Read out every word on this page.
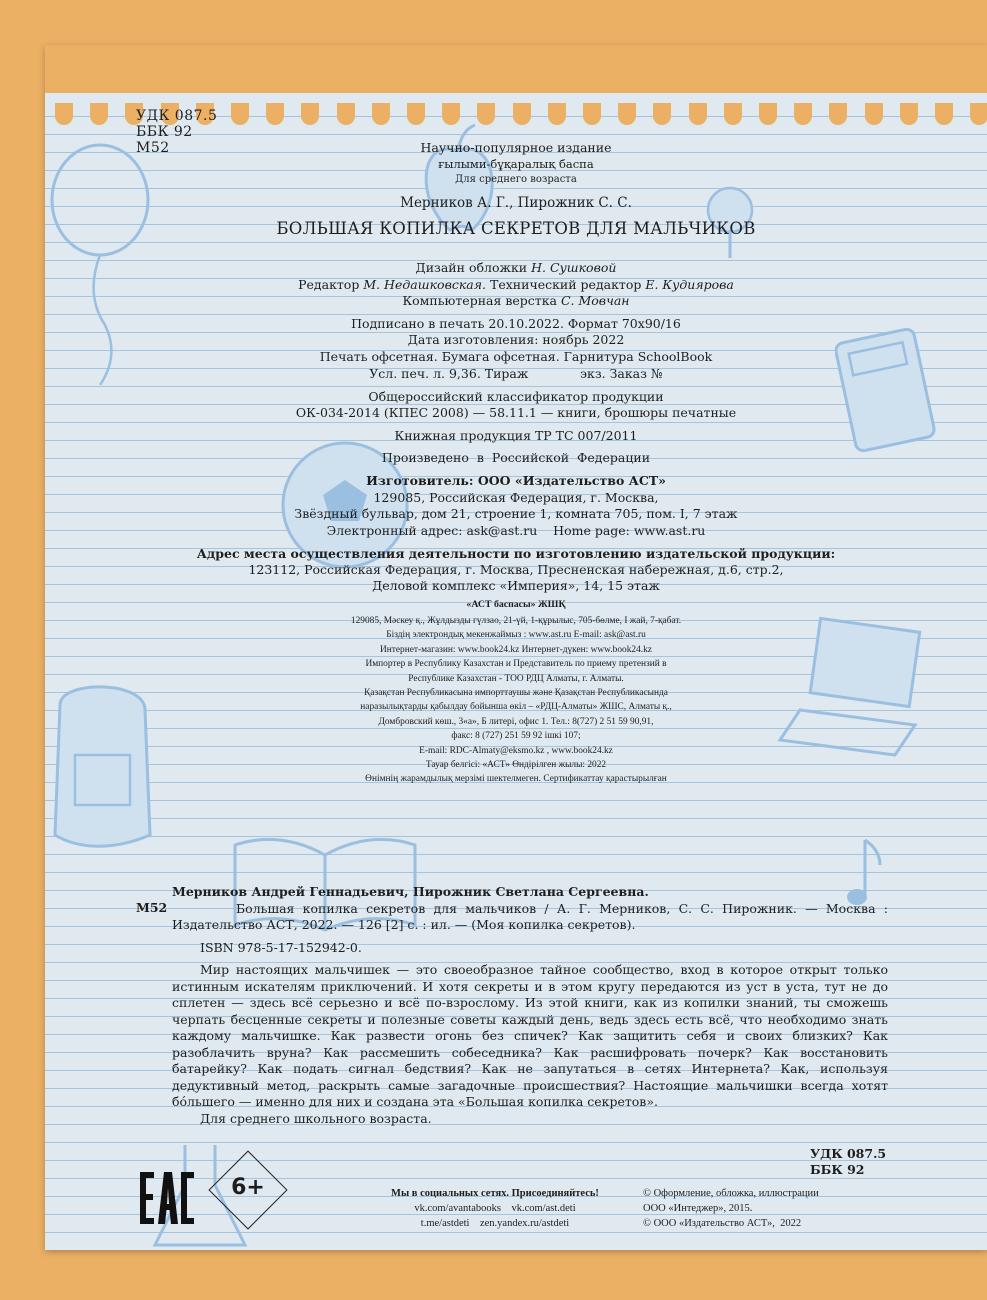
УДК 087.5
ББК 92
М52	Научно-популярное издание
ғылыми-бұқаралық баспа
Для среднего возраста
Мерников А. Г., Пирожник С. С.
БОЛЬШАЯ КОПИЛКА СЕКРЕТОВ ДЛЯ МАЛЬЧИКОВ
Дизайн обложки Н. Сушковой
Редактор М. Недашковская. Технический редактор Е. Кудиярова
Компьютерная верстка С. Мовчан
Подписано в печать 20.10.2022. Формат 70x90/16
Дата изготовления: ноябрь 2022
Печать офсетная. Бумага офсетная. Гарнитура SchoolBook
Усл. печ. л. 9,36. Тираж             экз. Заказ №
Общероссийский классификатор продукции
ОК-034-2014 (КПЕС 2008) — 58.11.1 — книги, брошюры печатные
Книжная продукция ТР ТС 007/2011
Произведено  в  Российской  Федерации
Изготовитель: ООО «Издательство АСТ»
129085, Российская Федерация, г. Москва,
Звёздный бульвар, дом 21, строение 1, комната 705, пом. I, 7 этаж
Электронный адрес: ask@ast.ru    Home page: www.ast.ru
Адрес места осуществления деятельности по изготовлению издательской продукции:
123112, Российская Федерация, г. Москва, Пресненская набережная, д.6, стр.2,
Деловой комплекс «Империя», 14, 15 этаж
«АСТ баспасы» ЖШҚ
129085, Мәскеу қ., Жұлдызды гүлзао, 21-үй, 1-құрылыс, 705-бөлме, I жай, 7-қабат.
Біздің электрондық мекенжаймыз : www.ast.ru E-mail: ask@ast.ru
Интернет-магазин: www.book24.kz Интернет-дүкен: www.book24.kz
Импортер в Республику Казахстан и Представитель по приему претензий в
Республике Казахстан - ТОО РДЦ Алматы, г. Алматы.
Қазақстан Республикасына импорттаушы және Қазақстан Республикасында
наразылықтарды қабылдау бойынша өкіл – «РДЦ-Алматы» ЖШС, Алматы қ.,
Домбровский көш., 3«а», Б литері, офис 1. Тел.: 8(727) 2 51 59 90,91,
факс: 8 (727) 251 59 92 ішкі 107;
E-mail: RDC-Almaty@eksmo.kz , www.book24.kz
Тауар белгісі: «АСТ» Өндірілген жылы: 2022
Өнімнің жарамдылық мерзімі шектелмеген. Сертификаттау қарастырылған
М52

Мерников Андрей Геннадьевич, Пирожник Светлана Сергеевна.

Большая копилка секретов для мальчиков / А. Г. Мерников, С. С. Пирожник. — Москва : Издательство АСТ, 2022. — 126 [2] с. : ил. — (Моя копилка секретов).

ISBN 978-5-17-152942-0.

Мир настоящих мальчишек — это своеобразное тайное сообщество, вход в которое открыт только истинным искателям приключений. И хотя секреты и в этом кругу передаются из уст в уста, тут не до сплетен — здесь всё серьезно и всё по-взрослому. Из этой книги, как из копилки знаний, ты сможешь черпать бесценные секреты и полезные советы каждый день, ведь здесь есть всё, что необходимо знать каждому мальчишке. Как развести огонь без спичек? Как защитить себя и своих близких? Как разоблачить вруна? Как рассмешить собеседника? Как расшифровать почерк? Как восстановить батарейку? Как подать сигнал бедствия? Как не запутаться в сетях Интернета? Как, используя дедуктивный метод, раскрыть самые загадочные происшествия? Настоящие мальчишки всегда хотят бóльшего — именно для них и создана эта «Большая копилка секретов».

Для среднего школьного возраста.

УДК 087.5
ББК 92
6+	Мы в социальных сетях. Присоединяйтесь!
vk.com/avantabooks    vk.com/ast.deti
t.me/astdeti    zen.yandex.ru/astdeti
© Оформление, обложка, иллюстрации
ООО «Интеджер», 2015.
© ООО «Издательство АСТ»,  2022
